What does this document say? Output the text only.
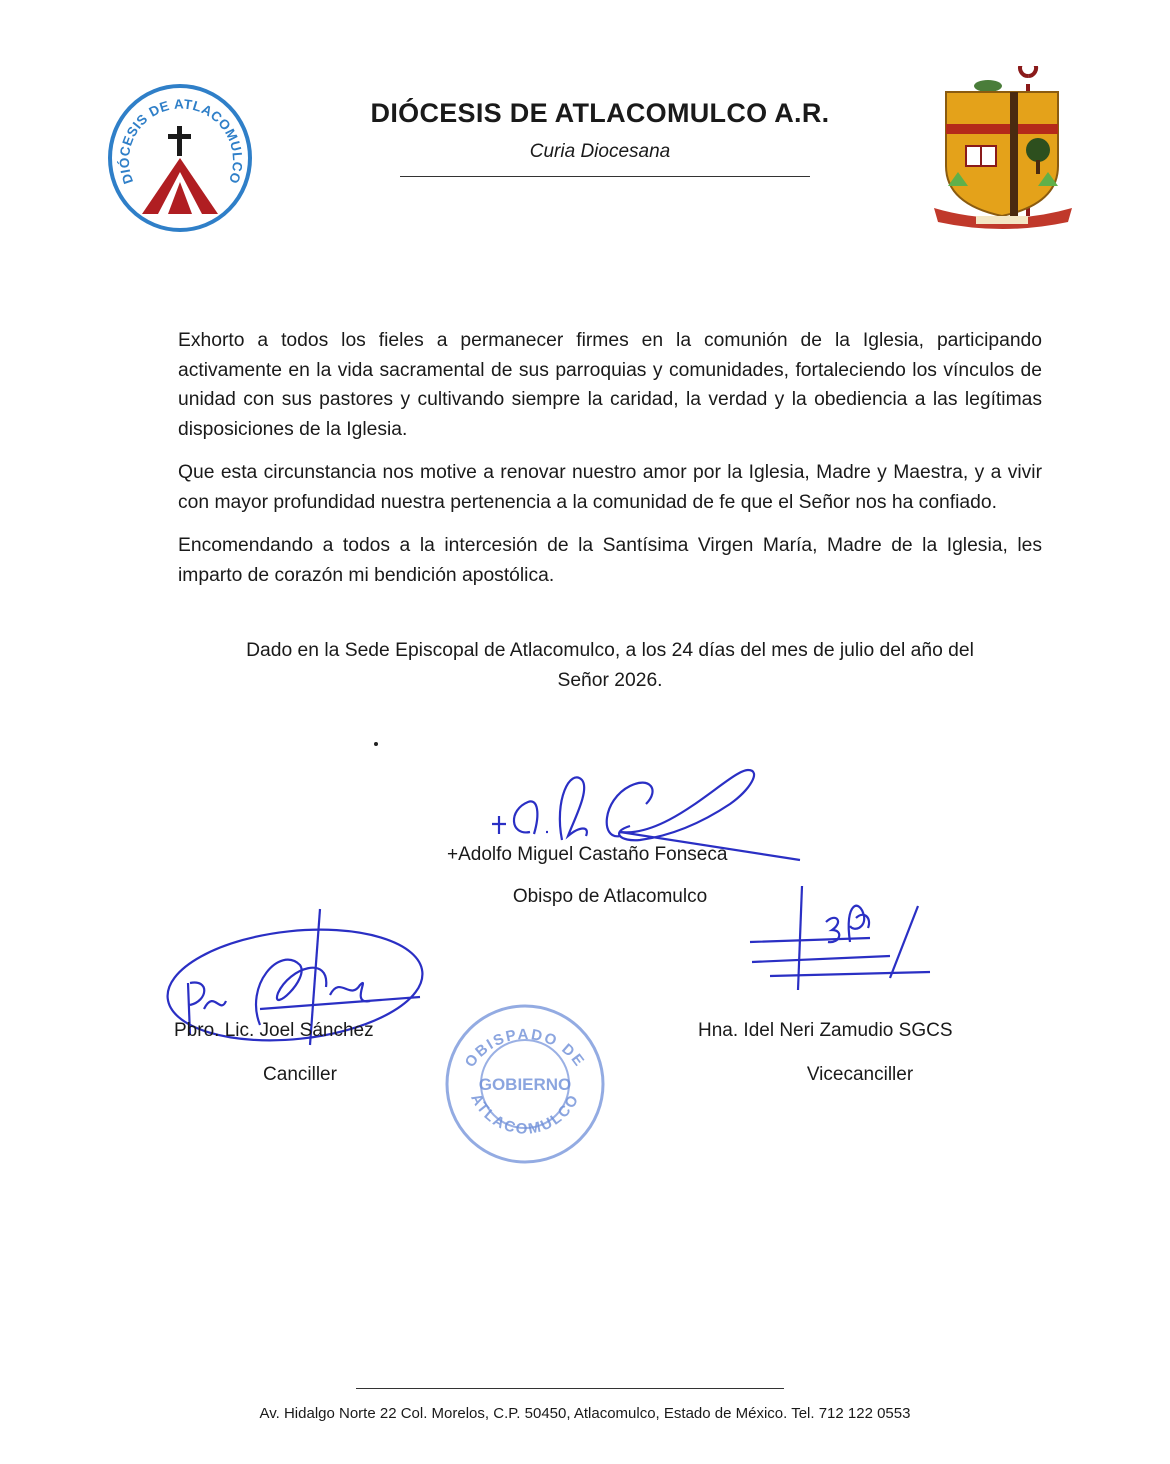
DIÓCESIS DE ATLACOMULCO
DIÓCESIS DE ATLACOMULCO A.R.
Curia Diocesana

Exhorto a todos los fieles a permanecer firmes en la comunión de la Iglesia, participando activamente en la vida sacramental de sus parroquias y comunidades, fortaleciendo los vínculos de unidad con sus pastores y cultivando siempre la caridad, la verdad y la obediencia a las legítimas disposiciones de la Iglesia.

Que esta circunstancia nos motive a renovar nuestro amor por la Iglesia, Madre y Maestra, y a vivir con mayor profundidad nuestra pertenencia a la comunidad de fe que el Señor nos ha confiado.

Encomendando a todos a la intercesión de la Santísima Virgen María, Madre de la Iglesia, les imparto de corazón mi bendición apostólica.

Dado en la Sede Episcopal de Atlacomulco, a los 24 días del mes de julio del año del
Señor 2026.
+Adolfo Miguel Castaño Fonseca
Obispo de Atlacomulco
Pbro. Lic. Joel Sánchez
Canciller
OBISPADO DE
GOBIERNO
ATLACOMULCO
Hna. Idel Neri Zamudio SGCS
Vicecanciller
Av. Hidalgo Norte 22 Col. Morelos, C.P. 50450, Atlacomulco, Estado de México. Tel. 712 122 0553
